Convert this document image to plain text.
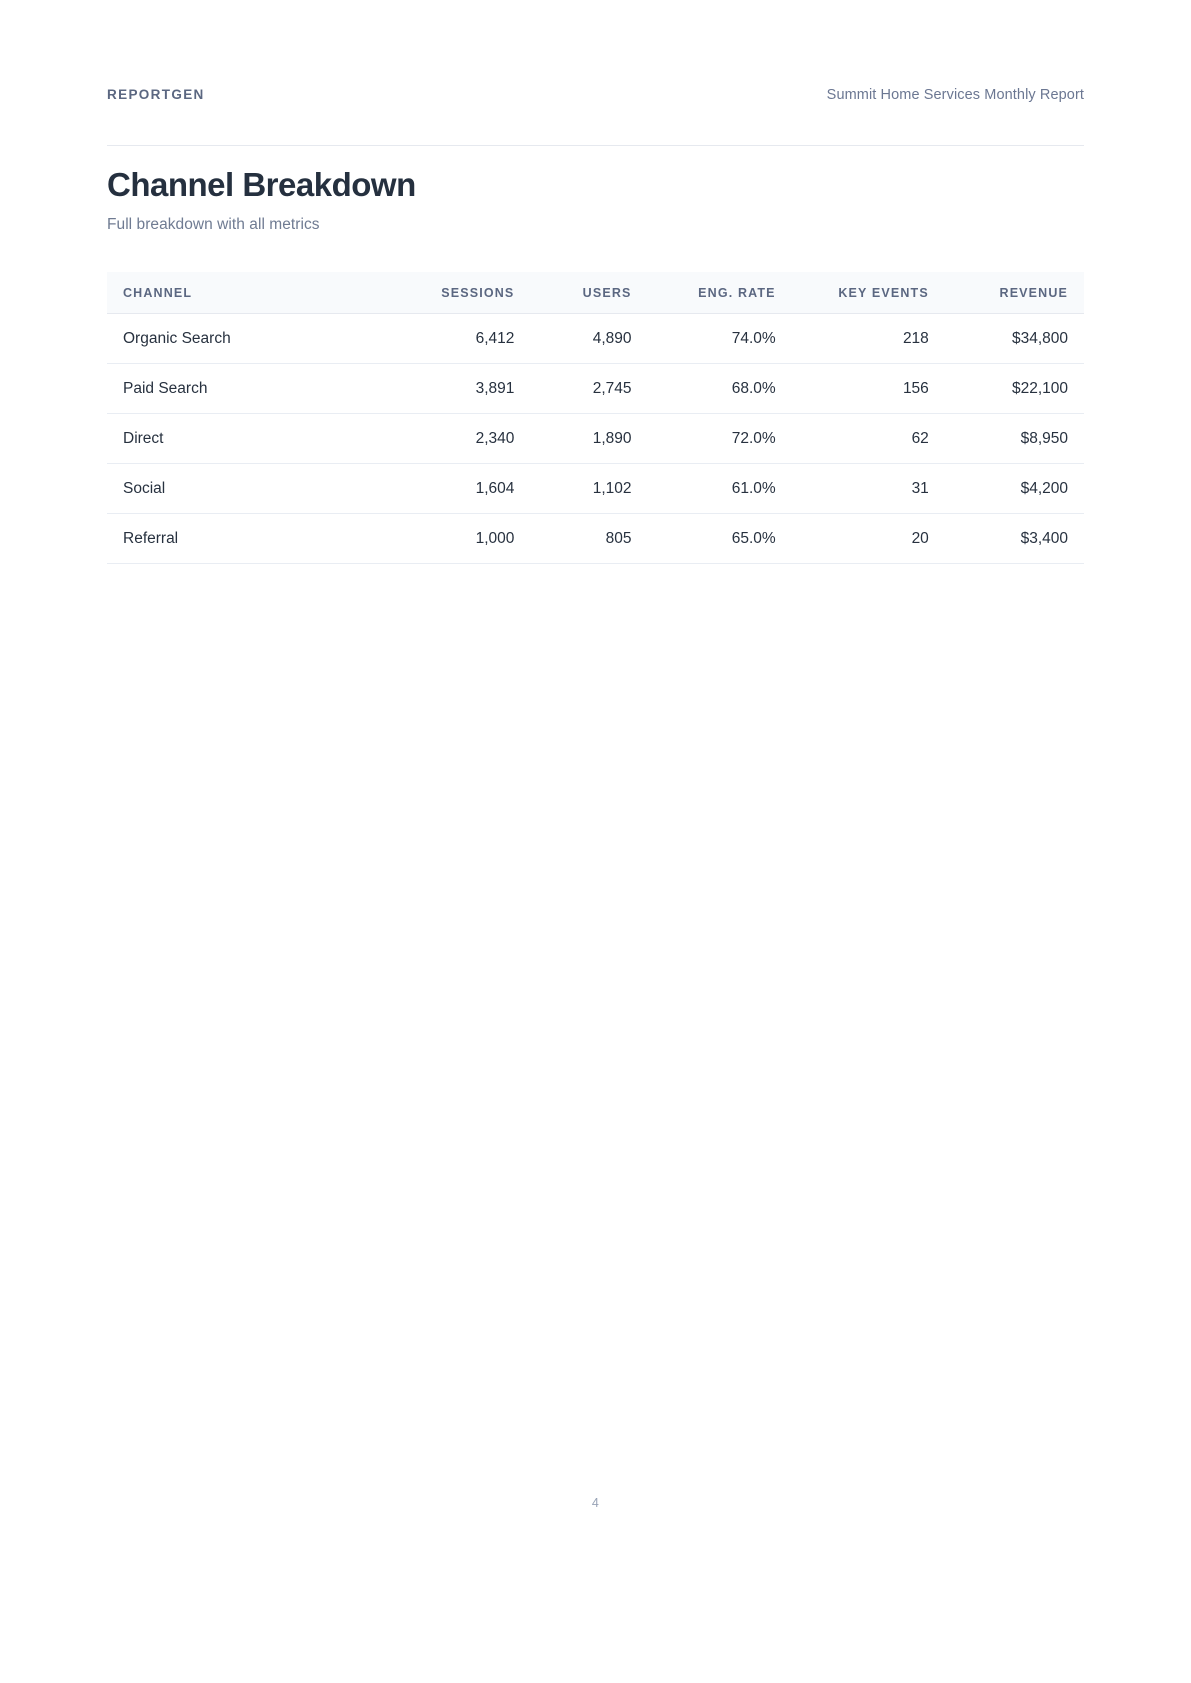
REPORTGEN	Summit Home Services Monthly Report
Channel Breakdown

Full breakdown with all metrics

CHANNEL	SESSIONS	USERS	ENG. RATE	KEY EVENTS	REVENUE
Organic Search	6,412	4,890	74.0%	218	$34,800
Paid Search	3,891	2,745	68.0%	156	$22,100
Direct	2,340	1,890	72.0%	62	$8,950
Social	1,604	1,102	61.0%	31	$4,200
Referral	1,000	805	65.0%	20	$3,400
4
